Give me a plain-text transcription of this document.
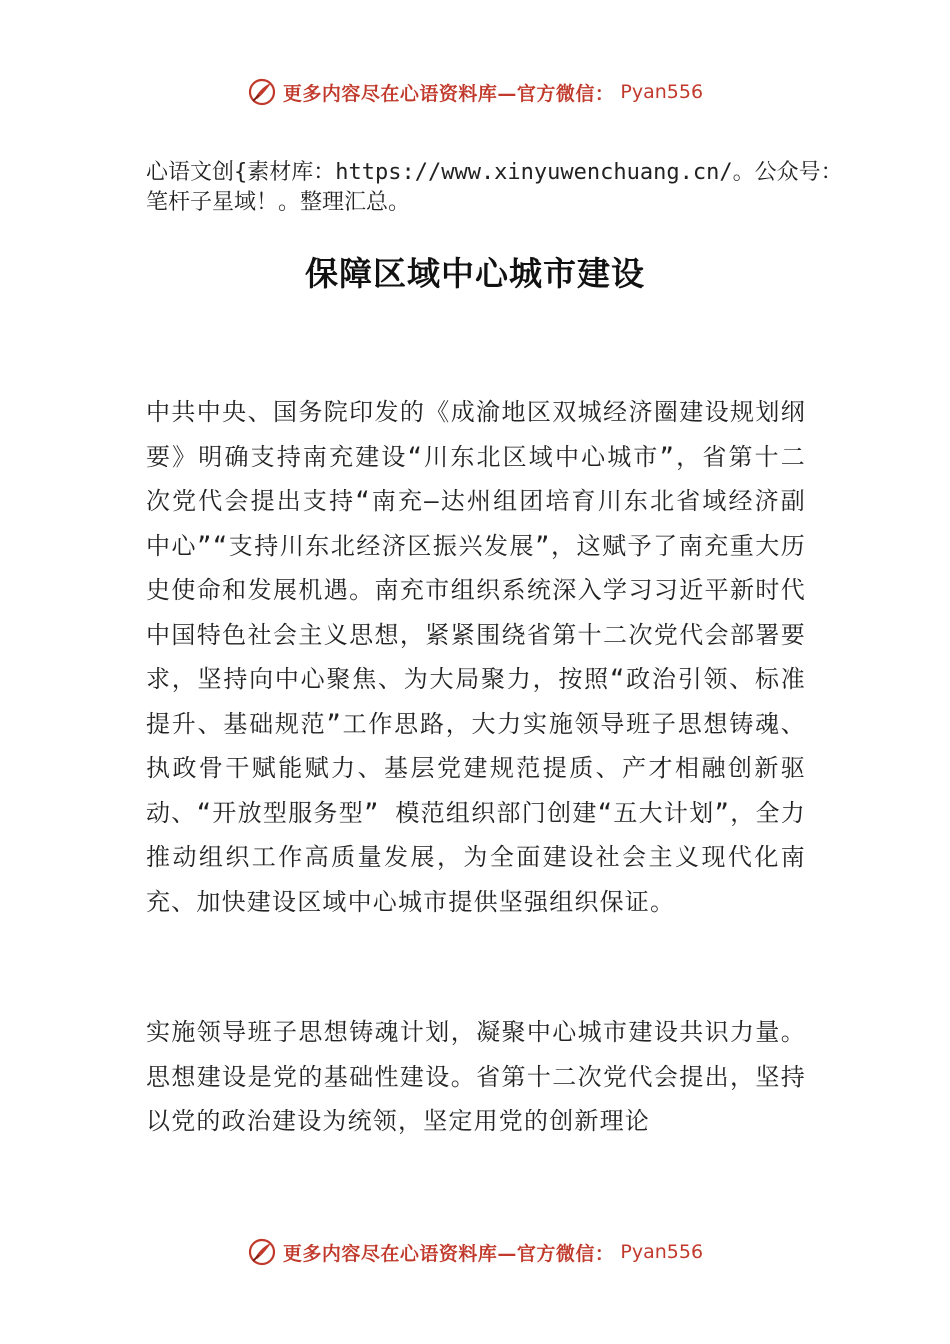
更多内容尽在心语资料库—官方微信： Pyan556

心语文创{素材库：https://www.xinyuwenchuang.cn/。公众号：笔杆子星域！。整理汇总。

保障区域中心城市建设

中共中央、国务院印发的《成渝地区双城经济圈建设规划纲要》明确支持南充建设“川东北区域中心城市”，省第十二次党代会提出支持“南充—达州组团培育川东北省域经济副中心”“支持川东北经济区振兴发展”，这赋予了南充重大历史使命和发展机遇。南充市组织系统深入学习习近平新时代中国特色社会主义思想，紧紧围绕省第十二次党代会部署要求，坚持向中心聚焦、为大局聚力，按照“政治引领、标准提升、基础规范”工作思路，大力实施领导班子思想铸魂、执政骨干赋能赋力、基层党建规范提质、产才相融创新驱动、“开放型服务型” 模范组织部门创建“五大计划”，全力推动组织工作高质量发展，为全面建设社会主义现代化南充、加快建设区域中心城市提供坚强组织保证。

实施领导班子思想铸魂计划，凝聚中心城市建设共识力量。思想建设是党的基础性建设。省第十二次党代会提出，坚持以党的政治建设为统领，坚定用党的创新理论

更多内容尽在心语资料库—官方微信： Pyan556
